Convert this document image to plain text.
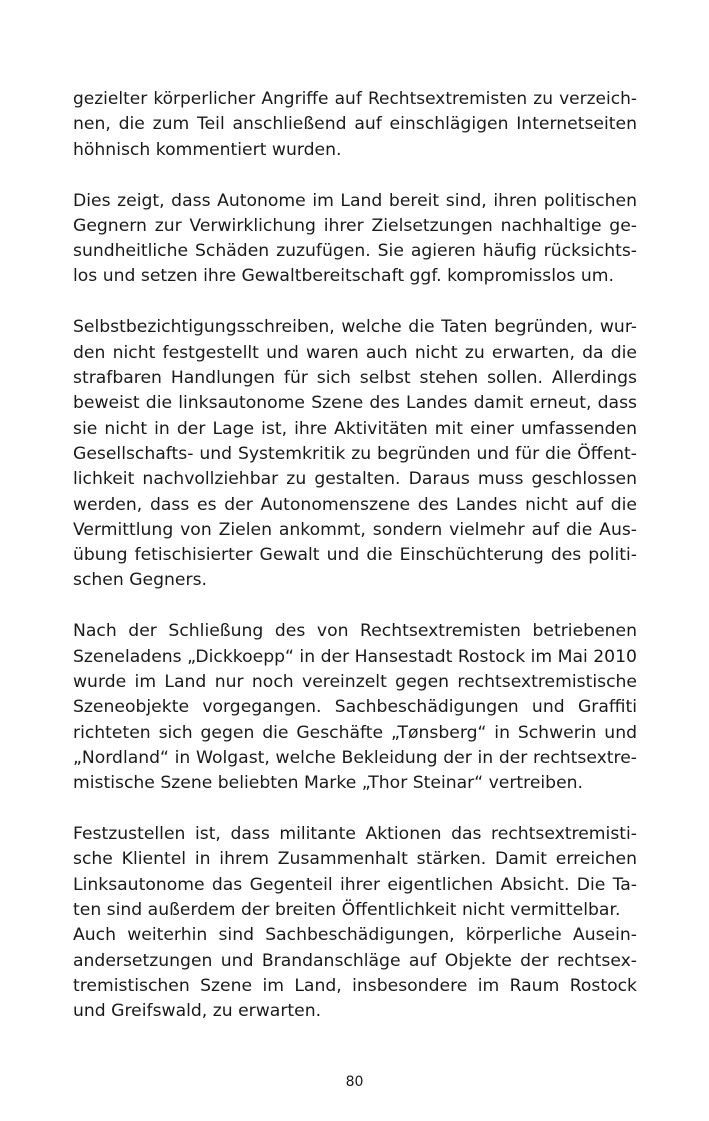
gezielter körperlicher Angriffe auf Rechtsextremisten zu verzeich-
nen, die zum Teil anschließend auf einschlägigen Internetseiten
höhnisch kommentiert wurden.
Dies zeigt, dass Autonome im Land bereit sind, ihren politischen
Gegnern zur Verwirklichung ihrer Zielsetzungen nachhaltige ge-
sundheitliche Schäden zuzufügen. Sie agieren häufig rücksichts-
los und setzen ihre Gewaltbereitschaft ggf. kompromisslos um.
Selbstbezichtigungsschreiben, welche die Taten begründen, wur-
den nicht festgestellt und waren auch nicht zu erwarten, da die
strafbaren Handlungen für sich selbst stehen sollen. Allerdings
beweist die linksautonome Szene des Landes damit erneut, dass
sie nicht in der Lage ist, ihre Aktivitäten mit einer umfassenden
Gesellschafts- und Systemkritik zu begründen und für die Öffent-
lichkeit nachvollziehbar zu gestalten. Daraus muss geschlossen
werden, dass es der Autonomenszene des Landes nicht auf die
Vermittlung von Zielen ankommt, sondern vielmehr auf die Aus-
übung fetischisierter Gewalt und die Einschüchterung des politi-
schen Gegners.
Nach der Schließung des von Rechtsextremisten betriebenen
Szeneladens „Dickkoepp“ in der Hansestadt Rostock im Mai 2010
wurde im Land nur noch vereinzelt gegen rechtsextremistische
Szeneobjekte vorgegangen. Sachbeschädigungen und Graffiti
richteten sich gegen die Geschäfte „Tønsberg“ in Schwerin und
„Nordland“ in Wolgast, welche Bekleidung der in der rechtsextre-
mistische Szene beliebten Marke „Thor Steinar“ vertreiben.
Festzustellen ist, dass militante Aktionen das rechtsextremisti-
sche Klientel in ihrem Zusammenhalt stärken. Damit erreichen
Linksautonome das Gegenteil ihrer eigentlichen Absicht. Die Ta-
ten sind außerdem der breiten Öffentlichkeit nicht vermittelbar.
Auch weiterhin sind Sachbeschädigungen, körperliche Ausein-
andersetzungen und Brandanschläge auf Objekte der rechtsex-
tremistischen Szene im Land, insbesondere im Raum Rostock
und Greifswald, zu erwarten.
80
